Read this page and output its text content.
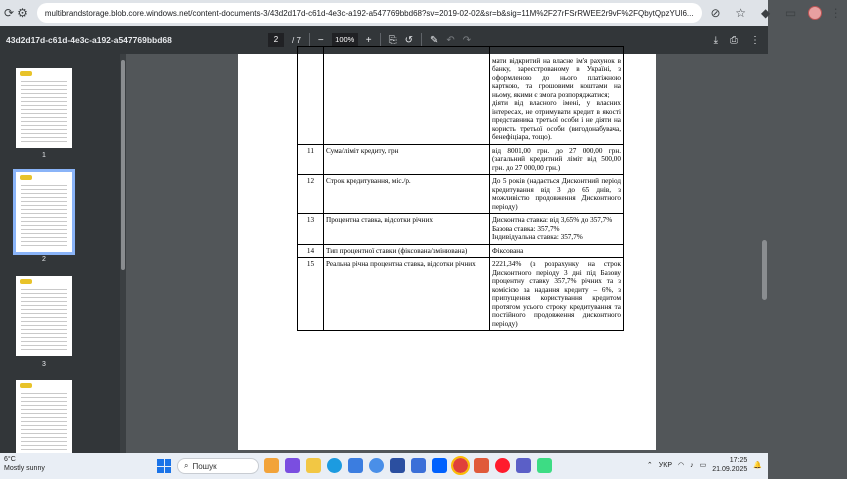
⟳ ⚙ multibrandstorage.blob.core.windows.net/content-documents-3/43d2d17d-c61d-4e3c-a192-a547769bbd68?sv=2019-02-02&sr=b&sig=11M%2F27rFSrRWEE2r9vF%2FQbytQpzYUl6... ⊘ ☆ ◆ ▭	⋮
43d2d17d-c61d-4e3c-a192-a547769bbd68	2	/ 7 −	100%	+ ⎘ ↺ ✎ ↶ ↷	⤓ ⎙ ⋮
1
2
3
		мати відкритий на власне ім'я рахунок в банку, зареєстрованому в Україні, з оформленою до нього платіжною карткою, та грошовими коштами на ньому, якими є змога розпоряджатися;
діяти від власного імені, у власних інтересах, не отримувати кредит в якості представника третьої особи і не діяти на користь третьої особи (вигодонабувача, бенефіціара, тощо).
11	Сума/ліміт кредиту, грн	від 8001,00 грн. до 27 000,00 грн. (загальний кредитний ліміт від 500,00 грн. до 27 000,00 грн.)
12	Строк кредитування, міс./р.	До 5 років (надається Дисконтний період кредитування від 3 до 65 днів, з можливістю продовження Дисконтного періоду)
13	Процентна ставка, відсотки річних	Дисконтна ставка: від 3,65% до 357,7%
Базова ставка: 357,7%
Індивідуальна ставка: 357,7%
14	Тип процентної ставки (фіксована/змінювана)	Фіксована
15	Реальна річна процентна ставка, відсотки річних	2221,34% (з розрахунку на строк Дисконтного періоду 3 дні під Базову процентну ставку 357,7% річних та з комісією за надання кредиту – 6%, з припущення користування кредитом протягом усього строку кредитування та постійного продовження дисконтного періоду)
6°C
Mostly sunny	⌕ Пошук	⌃ УКР ◠ ♪ ▭
17:25
21.09.2025
🔔
